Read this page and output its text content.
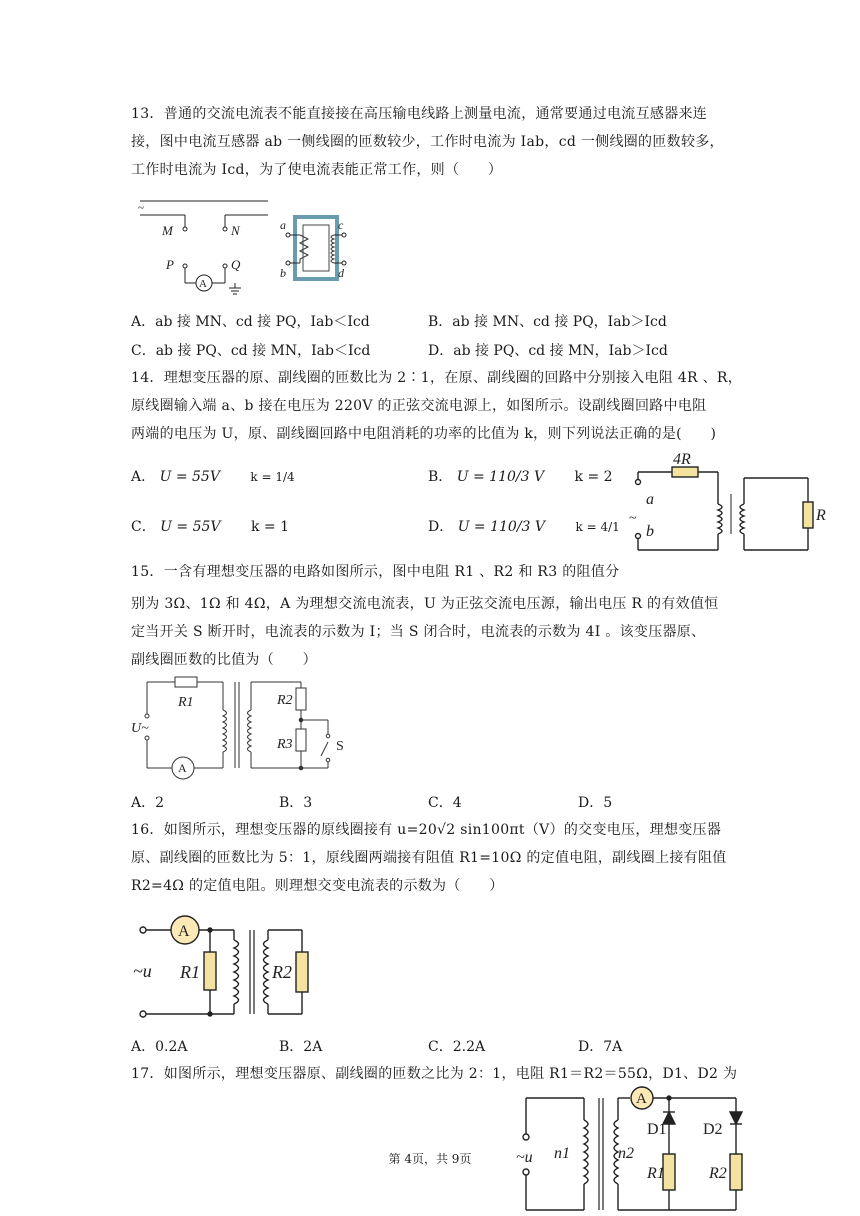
13．普通的交流电流表不能直接接在高压输电线路上测量电流，通常要通过电流互感器来连
接，图中电流互感器 ab 一侧线圈的匝数较少，工作时电流为 Iab，cd 一侧线圈的匝数较多，
工作时电流为 Icd，为了使电流表能正常工作，则（　　）
~
M	N
P	Q
A
a
b
c
d
A．ab 接 MN、cd 接 PQ，Iab＜Icd	B．ab 接 MN、cd 接 PQ，Iab＞Icd
C．ab 接 PQ、cd 接 MN，Iab＜Icd	D．ab 接 PQ、cd 接 MN，Iab＞Icd
14．理想变压器的原、副线圈的匝数比为 2∶1，在原、副线圈的回路中分别接入电阻 4R 、R，
原线圈输入端 a、b 接在电压为 220V 的正弦交流电源上，如图所示。设副线圈回路中电阻
两端的电压为 U，原、副线圈回路中电阻消耗的功率的比值为 k，则下列说法正确的是(　　)
A． U = 55V	k = 1/4	B． U = 110/3 V k = 2
C． U = 55V k = 1	D． U = 110/3 V	k = 4/1
4R
R
a
b
~
15．一含有理想变压器的电路如图所示，图中电阻 R1 、R2 和 R3 的阻值分
别为 3Ω、1Ω 和 4Ω，A 为理想交流电流表，U 为正弦交流电压源，输出电压 R 的有效值恒
定当开关 S 断开时，电流表的示数为 I；当 S 闭合时，电流表的示数为 4I 。该变压器原、
副线圈匝数的比值为（　　）
R1	R2
R3
U~
A
S
A．2	B．3	C．4	D．5
16．如图所示，理想变压器的原线圈接有 u=20√2 sin100πt（V）的交变电压，理想变压器
原、副线圈的匝数比为 5：1，原线圈两端接有阻值 R1=10Ω 的定值电阻，副线圈上接有阻值
R2=4Ω 的定值电阻。则理想交变电流表的示数为（　　）
A
~u R1	R2
A．0.2A	B．2A	C．2.2A	D．7A
17．如图所示，理想变压器原、副线圈的匝数之比为 2：1，电阻 R1＝R2＝55Ω，D1、D2 为
A
~u n1	n2
D1 D2
R1	R2
第 4页，共 9页
